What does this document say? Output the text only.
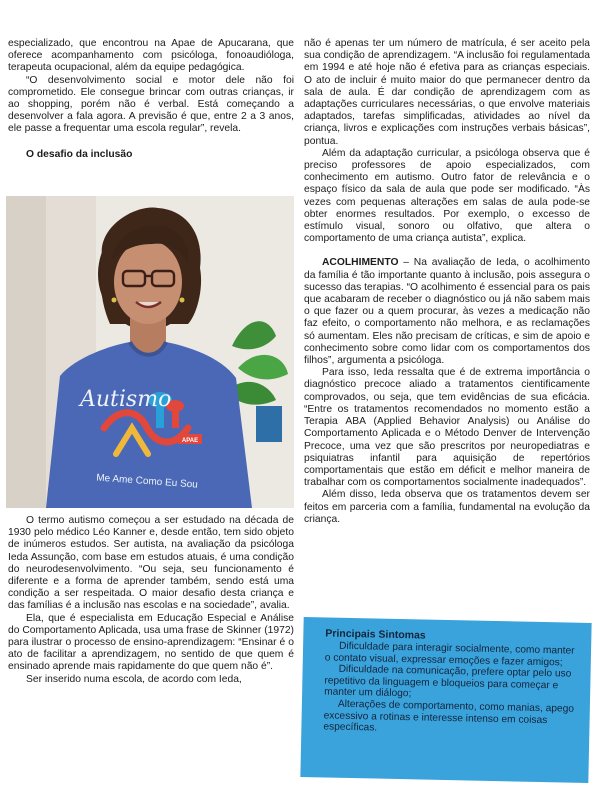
especializado, que encontrou na Apae de Apucarana, que oferece acompanhamento com psicóloga, fonoaudióloga, terapeuta ocupacional, além da equipe pedagógica.

“O desenvolvimento social e motor dele não foi comprometido. Ele consegue brincar com outras crianças, ir ao shopping, porém não é verbal. Está começando a desenvolver a fala agora. A previsão é que, entre 2 a 3 anos, ele passe a frequentar uma escola regular”, revela.

O desafio da inclusão

APAE
Autismo
Me Ame Como Eu Sou

O termo autismo começou a ser estudado na década de 1930 pelo médico Léo Kanner e, desde então, tem sido objeto de inúmeros estudos. Ser autista, na avaliação da psicóloga Ieda Assunção, com base em estudos atuais, é uma condição do neurodesenvolvimento. “Ou seja, seu funcionamento é diferente e a forma de aprender também, sendo está uma condição a ser respeitada. O maior desafio desta criança e das famílias é a inclusão nas escolas e na sociedade”, avalia.

Ela, que é especialista em Educação Especial e Análise do Comportamento Aplicada, usa uma frase de Skinner (1972) para ilustrar o processo de ensino-aprendizagem: “Ensinar é o ato de facilitar a aprendizagem, no sentido de que quem é ensinado aprende mais rapidamente do que quem não é”.

Ser inserido numa escola, de acordo com Ieda,

não é apenas ter um número de matrícula, é ser aceito pela sua condição de aprendizagem. “A inclusão foi regulamentada em 1994 e até hoje não é efetiva para as crianças especiais. O ato de incluir é muito maior do que permanecer dentro da sala de aula. É dar condição de aprendizagem com as adaptações curriculares necessárias, o que envolve materiais adaptados, tarefas simplificadas, atividades ao nível da criança, livros e explicações com instruções verbais básicas”, pontua.

Além da adaptação curricular, a psicóloga observa que é preciso professores de apoio especializados, com conhecimento em autismo. Outro fator de relevância e o espaço físico da sala de aula que pode ser modificado. “Às vezes com pequenas alterações em salas de aula pode-se obter enormes resultados. Por exemplo, o excesso de estímulo visual, sonoro ou olfativo, que altera o comportamento de uma criança autista”, explica.

ACOLHIMENTO – Na avaliação de Ieda, o acolhimento da família é tão importante quanto à inclusão, pois assegura o sucesso das terapias. “O acolhimento é essencial para os pais que acabaram de receber o diagnóstico ou já não sabem mais o que fazer ou a quem procurar, às vezes a medicação não faz efeito, o comportamento não melhora, e as reclamações só aumentam. Eles não precisam de críticas, e sim de apoio e conhecimento sobre como lidar com os comportamentos dos filhos”, argumenta a psicóloga.

Para isso, Ieda ressalta que é de extrema importância o diagnóstico precoce aliado a tratamentos cientificamente comprovados, ou seja, que tem evidências de sua eficácia. “Entre os tratamentos recomendados no momento estão a Terapia ABA (Applied Behavior Analysis) ou Análise do Comportamento Aplicada e o Método Denver de Intervenção Precoce, uma vez que são prescritos por neuropediatras e psiquiatras infantil para aquisição de repertórios comportamentais que estão em déficit e melhor maneira de trabalhar com os comportamentos socialmente inadequados”.

Além disso, Ieda observa que os tratamentos devem ser feitos em parceria com a família, fundamental na evolução da criança.

Principais Sintomas

Dificuldade para interagir socialmente, como manter o contato visual, expressar emoções e fazer amigos;

Dificuldade na comunicação, prefere optar pelo uso repetitivo da linguagem e bloqueios para começar e manter um diálogo;

Alterações de comportamento, como manias, apego excessivo a rotinas e interesse intenso em coisas específicas.
